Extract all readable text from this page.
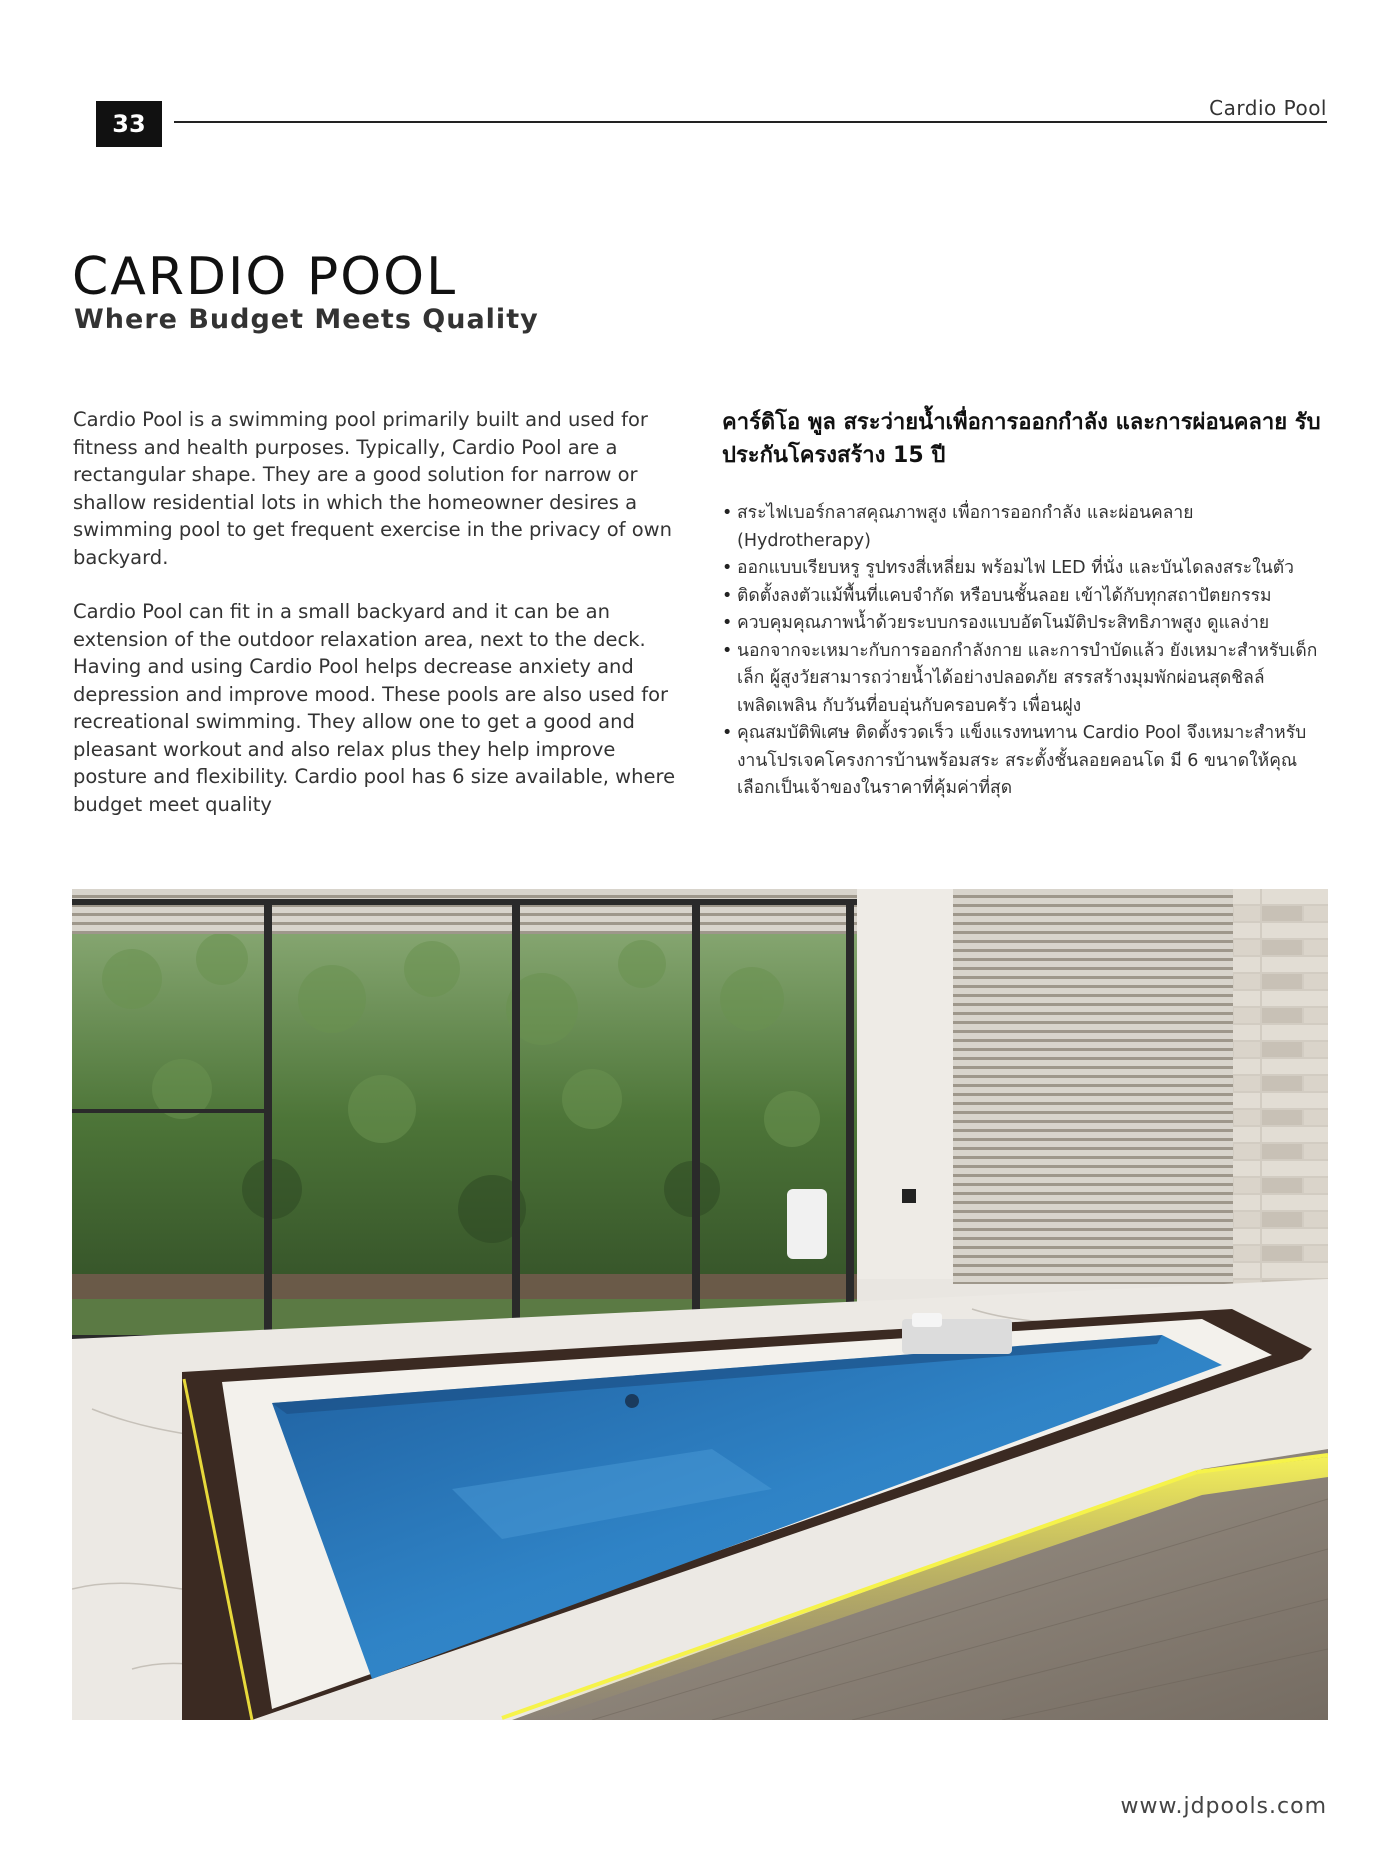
33
Cardio Pool
CARDIO POOL
Where Budget Meets Quality

Cardio Pool is a swimming pool primarily built and used for fitness and health purposes. Typically, Cardio Pool are a rectangular shape. They are a good solution for narrow or shallow residential lots in which the homeowner desires a swimming pool to get frequent exercise in the privacy of own backyard.

Cardio Pool can fit in a small backyard and it can be an extension of the outdoor relaxation area, next to the deck. Having and using Cardio Pool helps decrease anxiety and depression and improve mood. These pools are also used for recreational swimming. They allow one to get a good and pleasant workout and also relax plus they help improve posture and flexibility. Cardio pool has 6 size available, where budget meet quality

คาร์ดิโอ พูล สระว่ายน้ำเพื่อการออกกำลัง และการผ่อนคลาย รับประกันโครงสร้าง 15 ปี
• สระไฟเบอร์กลาสคุณภาพสูง เพื่อการออกกำลัง และผ่อนคลาย (Hydrotherapy)
• ออกแบบเรียบหรู รูปทรงสี่เหลี่ยม พร้อมไฟ LED ที่นั่ง และบันไดลงสระในตัว
• ติดตั้งลงตัวแม้พื้นที่แคบจำกัด หรือบนชั้นลอย เข้าได้กับทุกสถาปัตยกรรม
• ควบคุมคุณภาพน้ำด้วยระบบกรองแบบอัตโนมัติประสิทธิภาพสูง ดูแลง่าย
• นอกจากจะเหมาะกับการออกกำลังกาย และการบำบัดแล้ว ยังเหมาะสำหรับเด็กเล็ก ผู้สูงวัยสามารถว่ายน้ำได้อย่างปลอดภัย สรรสร้างมุมพักผ่อนสุดชิลล์ เพลิดเพลิน กับวันที่อบอุ่นกับครอบครัว เพื่อนฝูง
• คุณสมบัติพิเศษ ติดตั้งรวดเร็ว แข็งแรงทนทาน Cardio Pool จึงเหมาะสำหรับงานโปรเจคโครงการบ้านพร้อมสระ สระตั้งชั้นลอยคอนโด มี 6 ขนาดให้คุณเลือกเป็นเจ้าของในราคาที่คุ้มค่าที่สุด
www.jdpools.com
